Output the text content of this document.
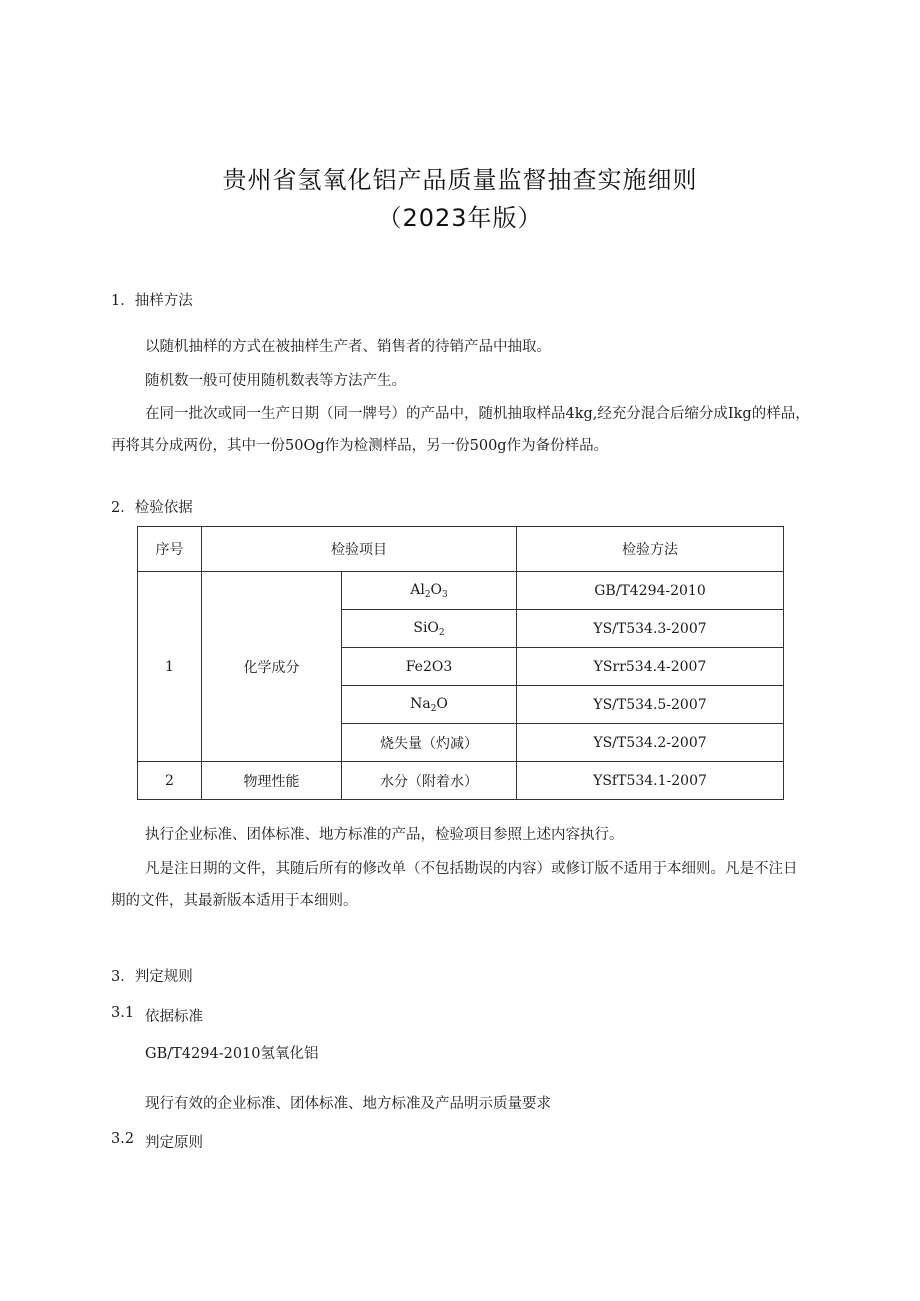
贵州省氢氧化铝产品质量监督抽查实施细则
（2023年版）
1．抽样方法
以随机抽样的方式在被抽样生产者、销售者的待销产品中抽取。
随机数一般可使用随机数表等方法产生。
在同一批次或同一生产日期（同一牌号）的产品中，随机抽取样品4kg,经充分混合后缩分成Ikg的样品，再将其分成两份，其中一份50Og作为检测样品，另一份500g作为备份样品。
2．检验依据
序号	检验项目		检验方法
1	化学成分	$Al_2O_3$	GB/T4294-2010
		SiO$_2$	YS/T534.3-2007
		Fe2O3	YSrr534.4-2007
		$Na_2O$	YS/T534.5-2007
		烧失量（灼减）	YS/T534.2-2007
2	物理性能	水分（附着水）	YSfT534.1-2007
执行企业标准、团体标准、地方标准的产品，检验项目参照上述内容执行。
凡是注日期的文件，其随后所有的修改单（不包括勘误的内容）或修订版不适用于本细则。凡是不注日期的文件，其最新版本适用于本细则。
3．判定规则
3.1 依据标准
GB/T4294-2010氢氧化铝
现行有效的企业标准、团体标准、地方标准及产品明示质量要求
3.2 判定原则
